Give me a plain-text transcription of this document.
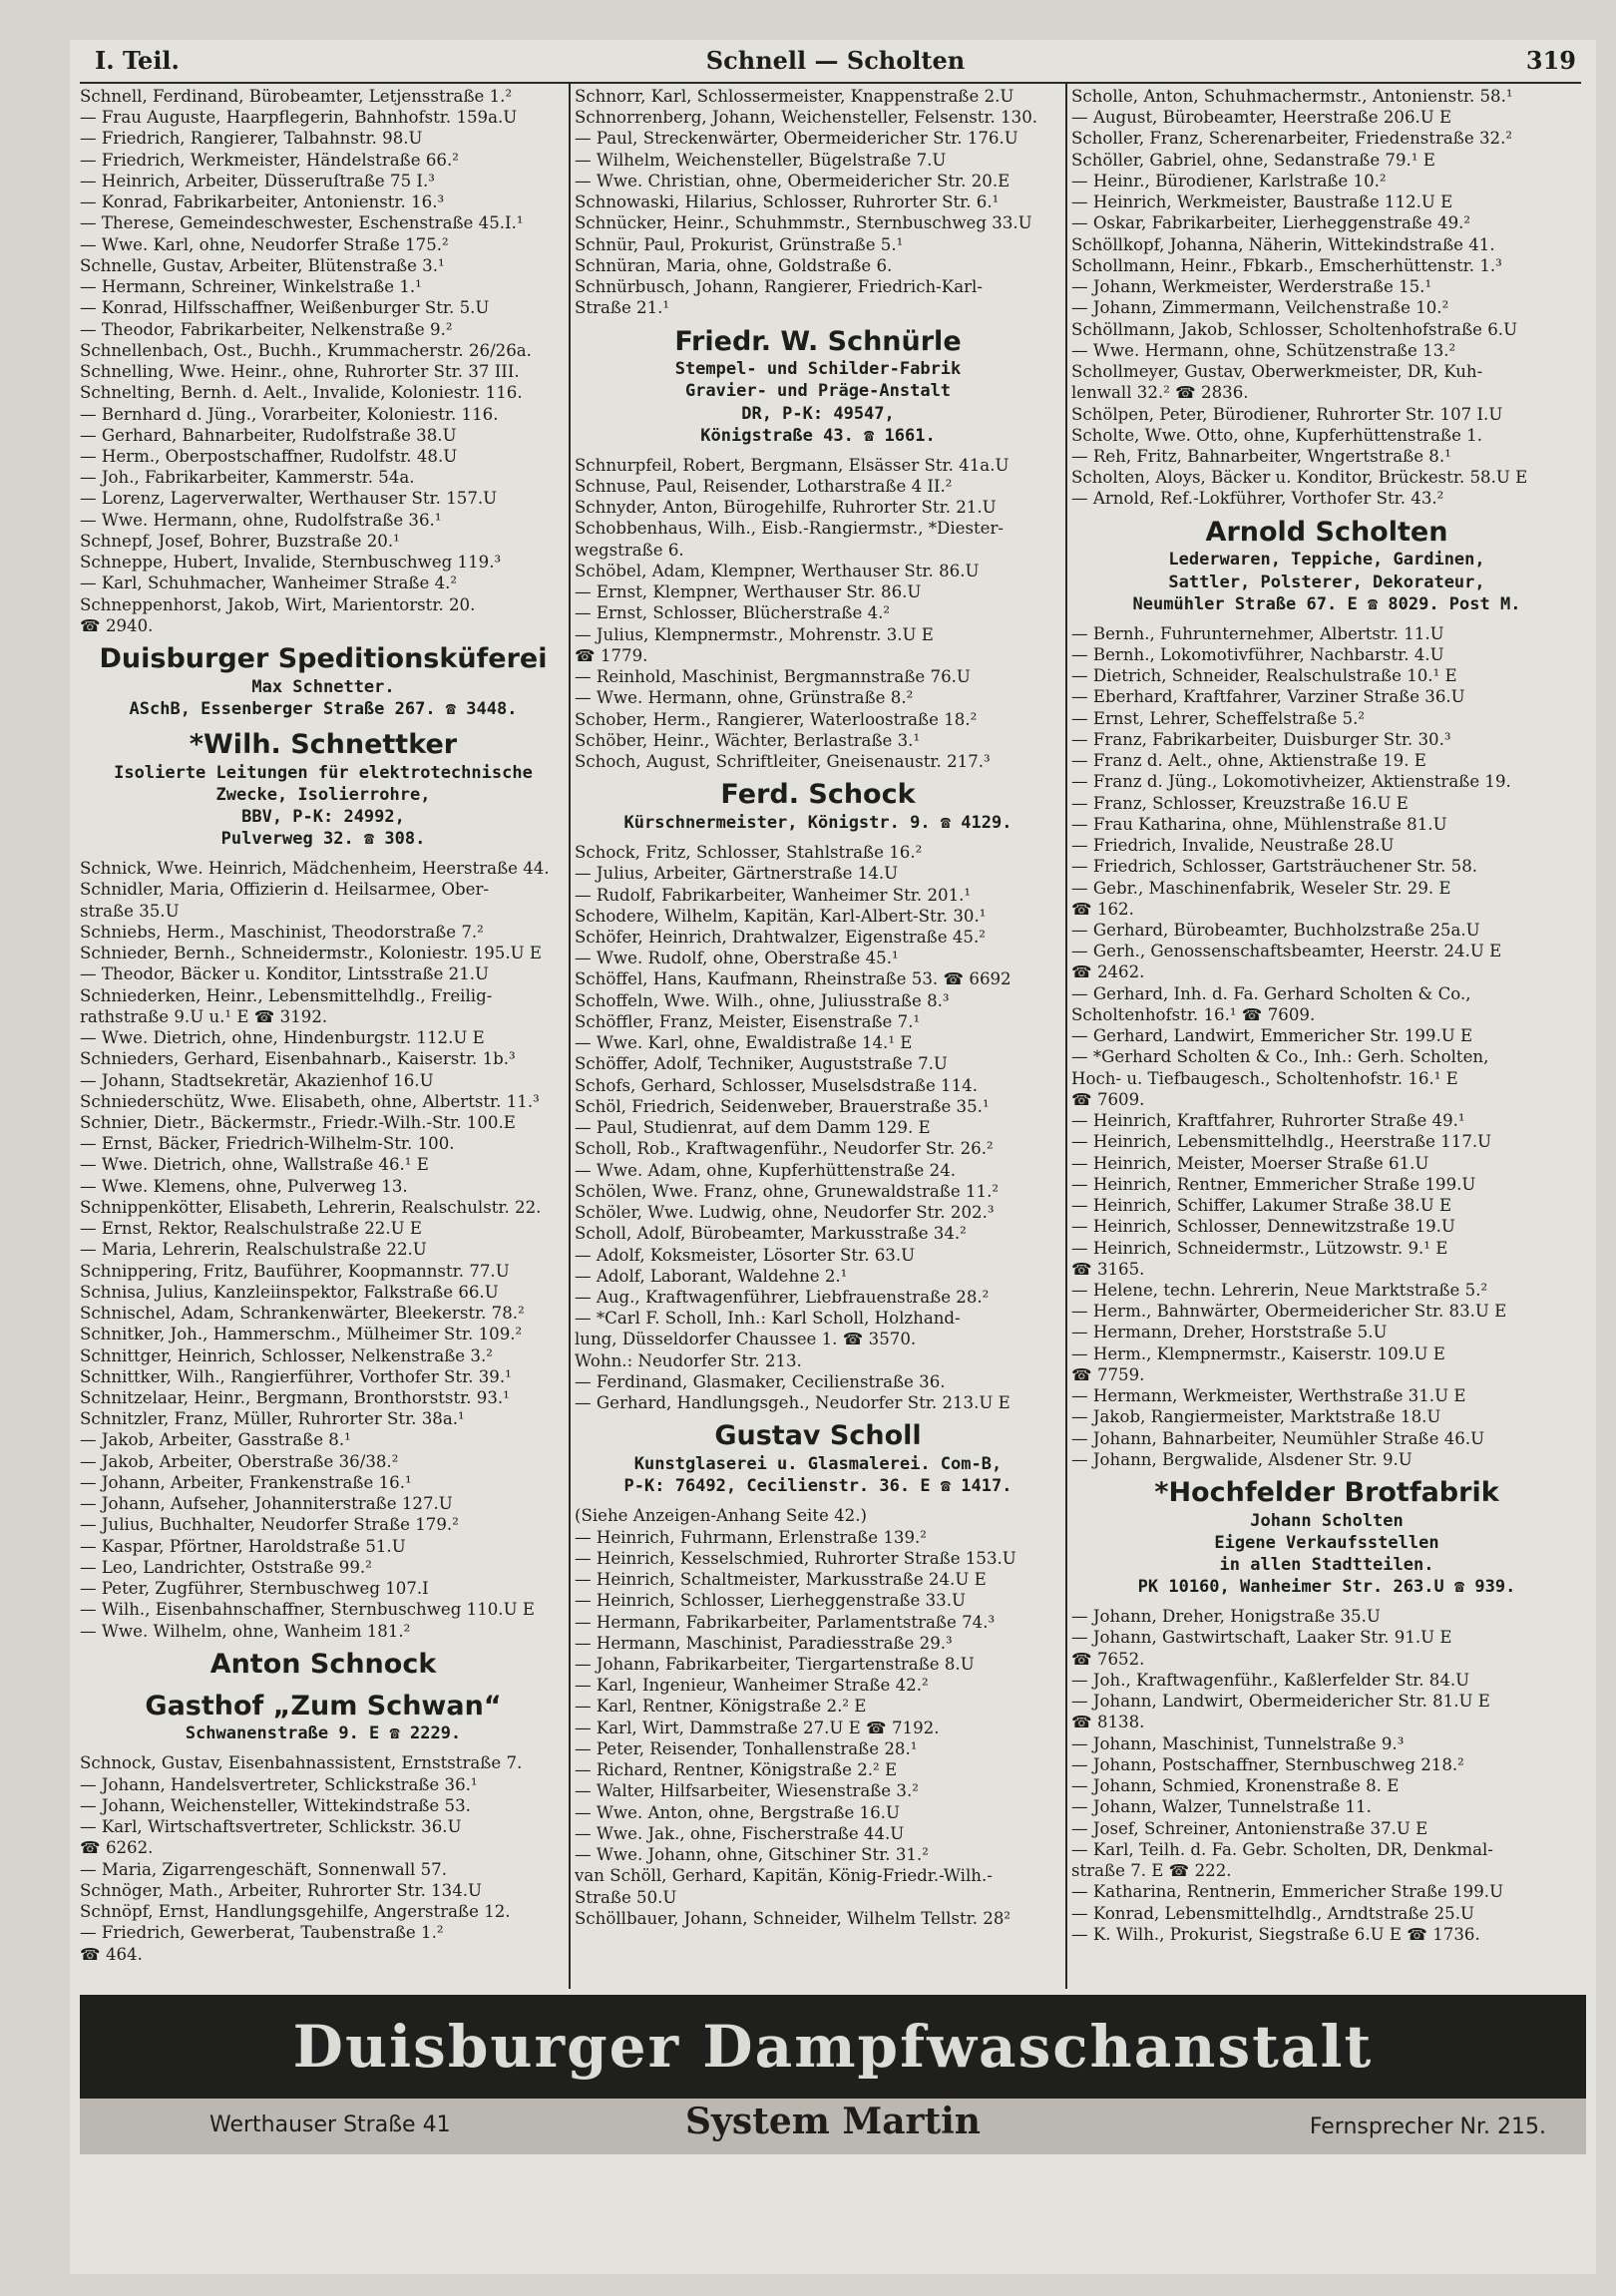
I. Teil.	Schnell — Scholten	319
Schnell, Ferdinand, Bürobeamter, Letjensstraße 1.²
— Frau Auguste, Haarpflegerin, Bahnhofstr. 159a.U
— Friedrich, Rangierer, Talbahnstr. 98.U
— Friedrich, Werkmeister, Händelstraße 66.²
— Heinrich, Arbeiter, Düsseruſtraße 75 I.³
— Konrad, Fabrikarbeiter, Antonienstr. 16.³
— Therese, Gemeindeschwester, Eschenstraße 45.I.¹
— Wwe. Karl, ohne, Neudorfer Straße 175.²
Schnelle, Gustav, Arbeiter, Blütenstraße 3.¹
— Hermann, Schreiner, Winkelstraße 1.¹
— Konrad, Hilfsschaffner, Weißenburger Str. 5.U
— Theodor, Fabrikarbeiter, Nelkenstraße 9.²
Schnellenbach, Ost., Buchh., Krummacherstr. 26/26a.
Schnelling, Wwe. Heinr., ohne, Ruhrorter Str. 37 III.
Schnelting, Bernh. d. Aelt., Invalide, Koloniestr. 116.
— Bernhard d. Jüng., Vorarbeiter, Koloniestr. 116.
— Gerhard, Bahnarbeiter, Rudolfstraße 38.U
— Herm., Oberpostschaffner, Rudolfstr. 48.U
— Joh., Fabrikarbeiter, Kammerstr. 54a.
— Lorenz, Lagerverwalter, Werthauser Str. 157.U
— Wwe. Hermann, ohne, Rudolfstraße 36.¹
Schnepf, Josef, Bohrer, Buzstraße 20.¹
Schneppe, Hubert, Invalide, Sternbuschweg 119.³
— Karl, Schuhmacher, Wanheimer Straße 4.²
Schneppenhorst, Jakob, Wirt, Marientorstr. 20.
☎ 2940.
Duisburger Speditionsküferei
Max Schnetter.
ASchB, Essenberger Straße 267. ☎ 3448.
*Wilh. Schnettker
Isolierte Leitungen für elektrotechnische
Zwecke, Isolierrohre,
BBV, P-K: 24992,
Pulverweg 32. ☎ 308.
Schnick, Wwe. Heinrich, Mädchenheim, Heerstraße 44.
Schnidler, Maria, Offizierin d. Heilsarmee, Ober-
straße 35.U
Schniebs, Herm., Maschinist, Theodorstraße 7.²
Schnieder, Bernh., Schneidermstr., Koloniestr. 195.U E
— Theodor, Bäcker u. Konditor, Lintsstraße 21.U
Schniederken, Heinr., Lebensmittelhdlg., Freilig-
rathstraße 9.U u.¹ E ☎ 3192.
— Wwe. Dietrich, ohne, Hindenburgstr. 112.U E
Schnieders, Gerhard, Eisenbahnarb., Kaiserstr. 1b.³
— Johann, Stadtsekretär, Akazienhof 16.U
Schniederschütz, Wwe. Elisabeth, ohne, Albertstr. 11.³
Schnier, Dietr., Bäckermstr., Friedr.-Wilh.-Str. 100.E
— Ernst, Bäcker, Friedrich-Wilhelm-Str. 100.
— Wwe. Dietrich, ohne, Wallstraße 46.¹ E
— Wwe. Klemens, ohne, Pulverweg 13.
Schnippenkötter, Elisabeth, Lehrerin, Realschulstr. 22.
— Ernst, Rektor, Realschulstraße 22.U E
— Maria, Lehrerin, Realschulstraße 22.U
Schnippering, Fritz, Bauführer, Koopmannstr. 77.U
Schnisa, Julius, Kanzleiinspektor, Falkstraße 66.U
Schnischel, Adam, Schrankenwärter, Bleekerstr. 78.²
Schnitker, Joh., Hammerschm., Mülheimer Str. 109.²
Schnittger, Heinrich, Schlosser, Nelkenstraße 3.²
Schnittker, Wilh., Rangierführer, Vorthofer Str. 39.¹
Schnitzelaar, Heinr., Bergmann, Bronthorststr. 93.¹
Schnitzler, Franz, Müller, Ruhrorter Str. 38a.¹
— Jakob, Arbeiter, Gasstraße 8.¹
— Jakob, Arbeiter, Oberstraße 36/38.²
— Johann, Arbeiter, Frankenstraße 16.¹
— Johann, Aufseher, Johanniterstraße 127.U
— Julius, Buchhalter, Neudorfer Straße 179.²
— Kaspar, Pförtner, Haroldstraße 51.U
— Leo, Landrichter, Oststraße 99.²
— Peter, Zugführer, Sternbuschweg 107.I
— Wilh., Eisenbahnschaffner, Sternbuschweg 110.U E
— Wwe. Wilhelm, ohne, Wanheim 181.²
Anton Schnock
Gasthof „Zum Schwan“
Schwanenstraße 9. E ☎ 2229.
Schnock, Gustav, Eisenbahnassistent, Ernststraße 7.
— Johann, Handelsvertreter, Schlickstraße 36.¹
— Johann, Weichensteller, Wittekindstraße 53.
— Karl, Wirtschaftsvertreter, Schlickstr. 36.U
☎ 6262.
— Maria, Zigarrengeschäft, Sonnenwall 57.
Schnöger, Math., Arbeiter, Ruhrorter Str. 134.U
Schnöpf, Ernst, Handlungsgehilfe, Angerstraße 12.
— Friedrich, Gewerberat, Taubenstraße 1.²
☎ 464.
Schnorr, Karl, Schlossermeister, Knappenstraße 2.U
Schnorrenberg, Johann, Weichensteller, Felsenstr. 130.
— Paul, Streckenwärter, Obermeidericher Str. 176.U
— Wilhelm, Weichensteller, Bügelstraße 7.U
— Wwe. Christian, ohne, Obermeidericher Str. 20.E
Schnowaski, Hilarius, Schlosser, Ruhrorter Str. 6.¹
Schnücker, Heinr., Schuhmmstr., Sternbuschweg 33.U
Schnür, Paul, Prokurist, Grünstraße 5.¹
Schnüran, Maria, ohne, Goldstraße 6.
Schnürbusch, Johann, Rangierer, Friedrich-Karl-
Straße 21.¹
Friedr. W. Schnürle
Stempel- und Schilder-Fabrik
Gravier- und Präge-Anstalt
DR, P-K: 49547,
Königstraße 43. ☎ 1661.
Schnurpfeil, Robert, Bergmann, Elsässer Str. 41a.U
Schnuse, Paul, Reisender, Lotharstraße 4 II.²
Schnyder, Anton, Bürogehilfe, Ruhrorter Str. 21.U
Schobbenhaus, Wilh., Eisb.-Rangiermstr., *Diester-
wegstraße 6.
Schöbel, Adam, Klempner, Werthauser Str. 86.U
— Ernst, Klempner, Werthauser Str. 86.U
— Ernst, Schlosser, Blücherstraße 4.²
— Julius, Klempnermstr., Mohrenstr. 3.U E
☎ 1779.
— Reinhold, Maschinist, Bergmannstraße 76.U
— Wwe. Hermann, ohne, Grünstraße 8.²
Schober, Herm., Rangierer, Waterloostraße 18.²
Schöber, Heinr., Wächter, Berlastraße 3.¹
Schoch, August, Schriftleiter, Gneisenaustr. 217.³
Ferd. Schock
Kürschnermeister, Königstr. 9. ☎ 4129.
Schock, Fritz, Schlosser, Stahlstraße 16.²
— Julius, Arbeiter, Gärtnerstraße 14.U
— Rudolf, Fabrikarbeiter, Wanheimer Str. 201.¹
Schodere, Wilhelm, Kapitän, Karl-Albert-Str. 30.¹
Schöfer, Heinrich, Drahtwalzer, Eigenstraße 45.²
— Wwe. Rudolf, ohne, Oberstraße 45.¹
Schöffel, Hans, Kaufmann, Rheinstraße 53. ☎ 6692
Schoffeln, Wwe. Wilh., ohne, Juliusstraße 8.³
Schöffler, Franz, Meister, Eisenstraße 7.¹
— Wwe. Karl, ohne, Ewaldistraße 14.¹ E
Schöffer, Adolf, Techniker, Auguststraße 7.U
Schofs, Gerhard, Schlosser, Muselsdstraße 114.
Schöl, Friedrich, Seidenweber, Brauerstraße 35.¹
— Paul, Studienrat, auf dem Damm 129. E
Scholl, Rob., Kraftwagenführ., Neudorfer Str. 26.²
— Wwe. Adam, ohne, Kupferhüttenstraße 24.
Schölen, Wwe. Franz, ohne, Grunewaldstraße 11.²
Schöler, Wwe. Ludwig, ohne, Neudorfer Str. 202.³
Scholl, Adolf, Bürobeamter, Markusstraße 34.²
— Adolf, Koksmeister, Lösorter Str. 63.U
— Adolf, Laborant, Waldehne 2.¹
— Aug., Kraftwagenführer, Liebfrauenstraße 28.²
— *Carl F. Scholl, Inh.: Karl Scholl, Holzhand-
lung, Düsseldorfer Chaussee 1. ☎ 3570.
Wohn.: Neudorfer Str. 213.
— Ferdinand, Glasmaker, Cecilienstraße 36.
— Gerhard, Handlungsgeh., Neudorfer Str. 213.U E
Gustav Scholl
Kunstglaserei u. Glasmalerei. Com-B,
P-K: 76492, Cecilienstr. 36. E ☎ 1417.
(Siehe Anzeigen-Anhang Seite 42.)
— Heinrich, Fuhrmann, Erlenstraße 139.²
— Heinrich, Kesselschmied, Ruhrorter Straße 153.U
— Heinrich, Schaltmeister, Markusstraße 24.U E
— Heinrich, Schlosser, Lierheggenstraße 33.U
— Hermann, Fabrikarbeiter, Parlamentstraße 74.³
— Hermann, Maschinist, Paradiesstraße 29.³
— Johann, Fabrikarbeiter, Tiergartenstraße 8.U
— Karl, Ingenieur, Wanheimer Straße 42.²
— Karl, Rentner, Königstraße 2.² E
— Karl, Wirt, Dammstraße 27.U E ☎ 7192.
— Peter, Reisender, Tonhallenstraße 28.¹
— Richard, Rentner, Königstraße 2.² E
— Walter, Hilfsarbeiter, Wiesenstraße 3.²
— Wwe. Anton, ohne, Bergstraße 16.U
— Wwe. Jak., ohne, Fischerstraße 44.U
— Wwe. Johann, ohne, Gitschiner Str. 31.²
van Schöll, Gerhard, Kapitän, König-Friedr.-Wilh.-
Straße 50.U
Schöllbauer, Johann, Schneider, Wilhelm Tellstr. 28²
Scholle, Anton, Schuhmachermstr., Antonienstr. 58.¹
— August, Bürobeamter, Heerstraße 206.U E
Scholler, Franz, Scherenarbeiter, Friedenstraße 32.²
Schöller, Gabriel, ohne, Sedanstraße 79.¹ E
— Heinr., Bürodiener, Karlstraße 10.²
— Heinrich, Werkmeister, Baustraße 112.U E
— Oskar, Fabrikarbeiter, Lierheggenstraße 49.²
Schöllkopf, Johanna, Näherin, Wittekindstraße 41.
Schollmann, Heinr., Fbkarb., Emscherhüttenstr. 1.³
— Johann, Werkmeister, Werderstraße 15.¹
— Johann, Zimmermann, Veilchenstraße 10.²
Schöllmann, Jakob, Schlosser, Scholtenhofstraße 6.U
— Wwe. Hermann, ohne, Schützenstraße 13.²
Schollmeyer, Gustav, Oberwerkmeister, DR, Kuh-
lenwall 32.² ☎ 2836.
Schölpen, Peter, Bürodiener, Ruhrorter Str. 107 I.U
Scholte, Wwe. Otto, ohne, Kupferhüttenstraße 1.
— Reh, Fritz, Bahnarbeiter, Wngertstraße 8.¹
Scholten, Aloys, Bäcker u. Konditor, Brückestr. 58.U E
— Arnold, Ref.-Lokführer, Vorthofer Str. 43.²
Arnold Scholten
Lederwaren, Teppiche, Gardinen,
Sattler, Polsterer, Dekorateur,
Neumühler Straße 67. E ☎ 8029. Post M.
— Bernh., Fuhrunternehmer, Albertstr. 11.U
— Bernh., Lokomotivführer, Nachbarstr. 4.U
— Dietrich, Schneider, Realschulstraße 10.¹ E
— Eberhard, Kraftfahrer, Varziner Straße 36.U
— Ernst, Lehrer, Scheffelstraße 5.²
— Franz, Fabrikarbeiter, Duisburger Str. 30.³
— Franz d. Aelt., ohne, Aktienstraße 19. E
— Franz d. Jüng., Lokomotivheizer, Aktienstraße 19.
— Franz, Schlosser, Kreuzstraße 16.U E
— Frau Katharina, ohne, Mühlenstraße 81.U
— Friedrich, Invalide, Neustraße 28.U
— Friedrich, Schlosser, Gartsträuchener Str. 58.
— Gebr., Maschinenfabrik, Weseler Str. 29. E
☎ 162.
— Gerhard, Bürobeamter, Buchholzstraße 25a.U
— Gerh., Genossenschaftsbeamter, Heerstr. 24.U E
☎ 2462.
— Gerhard, Inh. d. Fa. Gerhard Scholten & Co.,
Scholtenhofstr. 16.¹ ☎ 7609.
— Gerhard, Landwirt, Emmericher Str. 199.U E
— *Gerhard Scholten & Co., Inh.: Gerh. Scholten,
Hoch- u. Tiefbaugesch., Scholtenhofstr. 16.¹ E
☎ 7609.
— Heinrich, Kraftfahrer, Ruhrorter Straße 49.¹
— Heinrich, Lebensmittelhdlg., Heerstraße 117.U
— Heinrich, Meister, Moerser Straße 61.U
— Heinrich, Rentner, Emmericher Straße 199.U
— Heinrich, Schiffer, Lakumer Straße 38.U E
— Heinrich, Schlosser, Dennewitzstraße 19.U
— Heinrich, Schneidermstr., Lützowstr. 9.¹ E
☎ 3165.
— Helene, techn. Lehrerin, Neue Marktstraße 5.²
— Herm., Bahnwärter, Obermeidericher Str. 83.U E
— Hermann, Dreher, Horststraße 5.U
— Herm., Klempnermstr., Kaiserstr. 109.U E
☎ 7759.
— Hermann, Werkmeister, Werthstraße 31.U E
— Jakob, Rangiermeister, Marktstraße 18.U
— Johann, Bahnarbeiter, Neumühler Straße 46.U
— Johann, Bergwalide, Alsdener Str. 9.U
*Hochfelder Brotfabrik
Johann Scholten
Eigene Verkaufsstellen
in allen Stadtteilen.
PK 10160, Wanheimer Str. 263.U ☎ 939.
— Johann, Dreher, Honigstraße 35.U
— Johann, Gastwirtschaft, Laaker Str. 91.U E
☎ 7652.
— Joh., Kraftwagenführ., Kaßlerfelder Str. 84.U
— Johann, Landwirt, Obermeidericher Str. 81.U E
☎ 8138.
— Johann, Maschinist, Tunnelstraße 9.³
— Johann, Postschaffner, Sternbuschweg 218.²
— Johann, Schmied, Kronenstraße 8. E
— Johann, Walzer, Tunnelstraße 11.
— Josef, Schreiner, Antonienstraße 37.U E
— Karl, Teilh. d. Fa. Gebr. Scholten, DR, Denkmal-
straße 7. E ☎ 222.
— Katharina, Rentnerin, Emmericher Straße 199.U
— Konrad, Lebensmittelhdlg., Arndtstraße 25.U
— K. Wilh., Prokurist, Siegstraße 6.U E ☎ 1736.
Duisburger Dampfwaschanstalt
Werthauser Straße 41	System Martin	Fernsprecher Nr. 215.
